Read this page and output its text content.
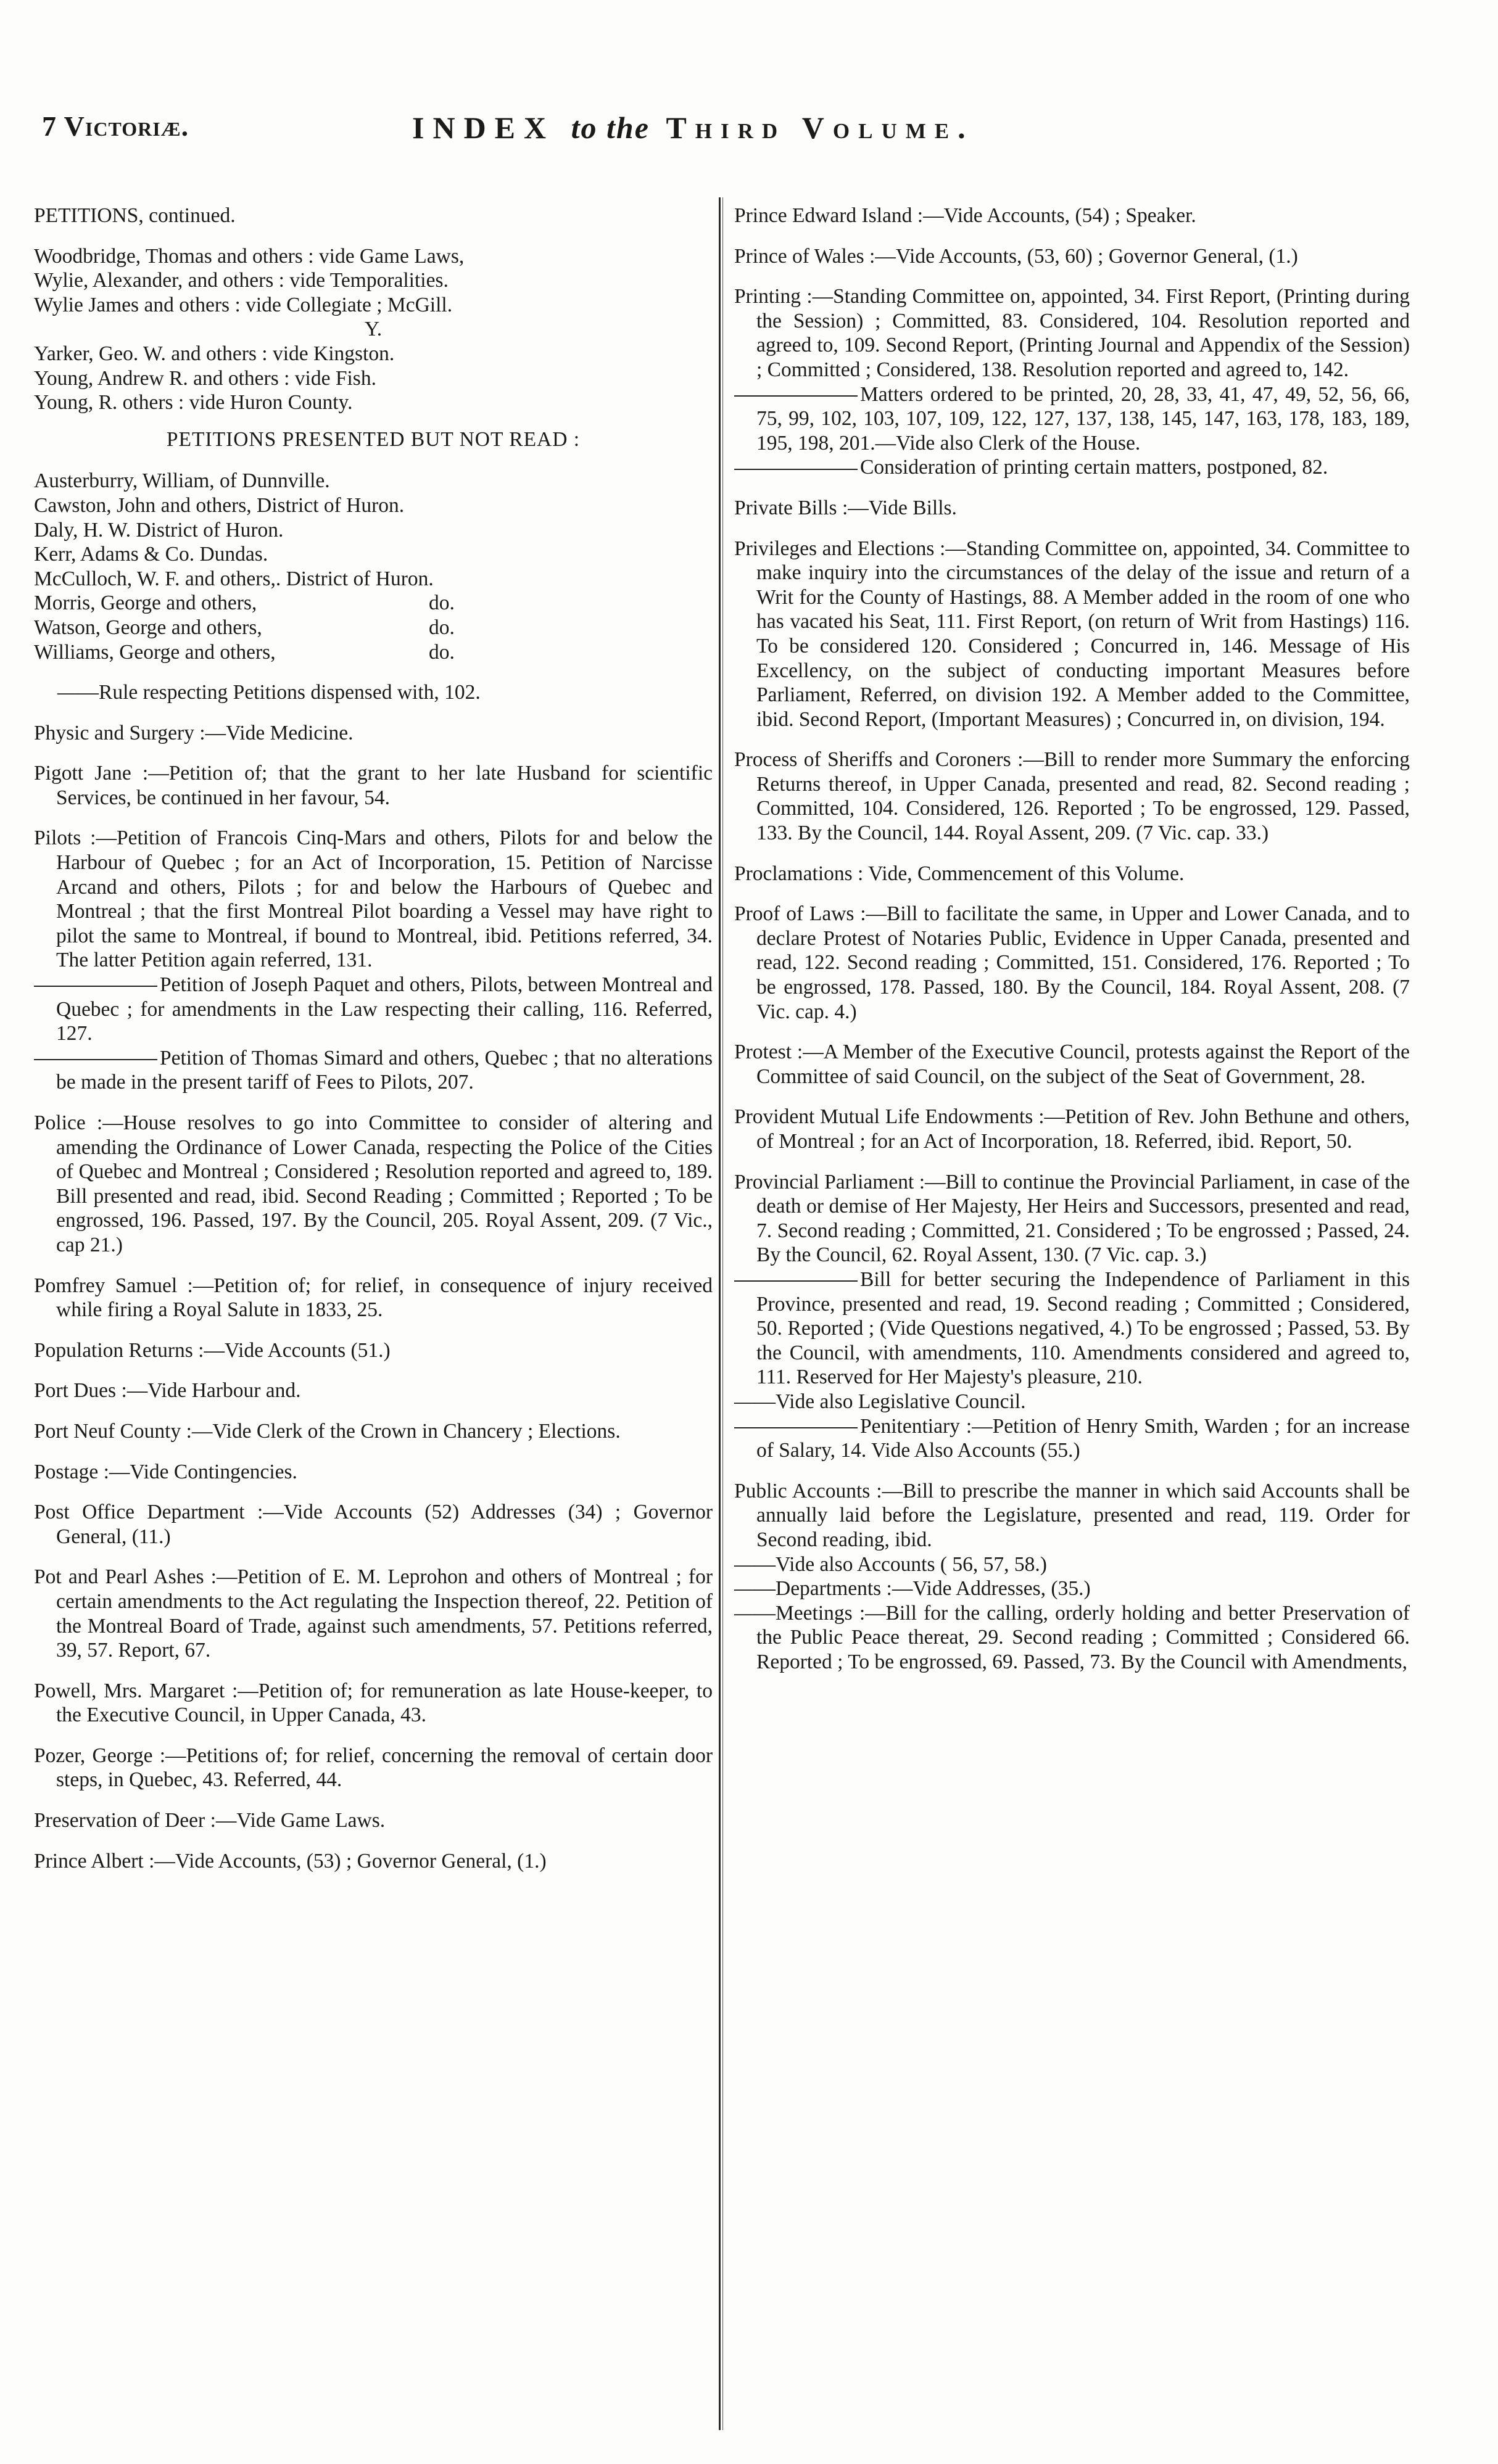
7 Victoriæ.	INDEX to the Third Volume.

PETITIONS, continued.

Woodbridge, Thomas and others : vide Game Laws,

Wylie, Alexander, and others : vide Temporalities.

Wylie James and others : vide Collegiate ; McGill.

Y.

Yarker, Geo. W. and others : vide Kingston.

Young, Andrew R. and others : vide Fish.

Young, R. others : vide Huron County.

PETITIONS PRESENTED BUT NOT READ :

Austerburry, William, of Dunnville.

Cawston, John and others, District of Huron.

Daly, H. W. District of Huron.

Kerr, Adams & Co. Dundas.

McCulloch, W. F. and others,. District of Huron.

Morris, George and others,	do.

Watson, George and others,	do.

Williams, George and others,	do.

——Rule respecting Petitions dispensed with, 102.

Physic and Surgery :—Vide Medicine.

Pigott Jane :—Petition of; that the grant to her late Husband for scientific Services, be continued in her favour, 54.

Pilots :—Petition of Francois Cinq-Mars and others, Pilots for and below the Harbour of Quebec ; for an Act of Incorporation, 15. Petition of Narcisse Arcand and others, Pilots ; for and below the Harbours of Quebec and Montreal ; that the first Montreal Pilot boarding a Vessel may have right to pilot the same to Montreal, if bound to Montreal, ibid. Petitions referred, 34. The latter Petition again referred, 131.

Petition of Joseph Paquet and others, Pilots, between Montreal and Quebec ; for amendments in the Law respecting their calling, 116. Referred, 127.

Petition of Thomas Simard and others, Quebec ; that no alterations be made in the present tariff of Fees to Pilots, 207.

Police :—House resolves to go into Committee to consider of altering and amending the Ordinance of Lower Canada, respecting the Police of the Cities of Quebec and Montreal ; Considered ; Resolution reported and agreed to, 189. Bill presented and read, ibid. Second Reading ; Committed ; Reported ; To be engrossed, 196. Passed, 197. By the Council, 205. Royal Assent, 209. (7 Vic., cap 21.)

Pomfrey Samuel :—Petition of; for relief, in consequence of injury received while firing a Royal Salute in 1833, 25.

Population Returns :—Vide Accounts (51.)

Port Dues :—Vide Harbour and.

Port Neuf County :—Vide Clerk of the Crown in Chancery ; Elections.

Postage :—Vide Contingencies.

Post Office Department :—Vide Accounts (52) Addresses (34) ; Governor General, (11.)

Pot and Pearl Ashes :—Petition of E. M. Leprohon and others of Montreal ; for certain amendments to the Act regulating the Inspection thereof, 22. Petition of the Montreal Board of Trade, against such amendments, 57. Petitions referred, 39, 57. Report, 67.

Powell, Mrs. Margaret :—Petition of; for remuneration as late House-keeper, to the Executive Council, in Upper Canada, 43.

Pozer, George :—Petitions of; for relief, concerning the removal of certain door steps, in Quebec, 43. Referred, 44.

Preservation of Deer :—Vide Game Laws.

Prince Albert :—Vide Accounts, (53) ; Governor General, (1.)

Prince Edward Island :—Vide Accounts, (54) ; Speaker.

Prince of Wales :—Vide Accounts, (53, 60) ; Governor General, (1.)

Printing :—Standing Committee on, appointed, 34. First Report, (Printing during the Session) ; Committed, 83. Considered, 104. Resolution reported and agreed to, 109. Second Report, (Printing Journal and Appendix of the Session) ; Committed ; Considered, 138. Resolution reported and agreed to, 142.

Matters ordered to be printed, 20, 28, 33, 41, 47, 49, 52, 56, 66, 75, 99, 102, 103, 107, 109, 122, 127, 137, 138, 145, 147, 163, 178, 183, 189, 195, 198, 201.—Vide also Clerk of the House.

Consideration of printing certain matters, postponed, 82.

Private Bills :—Vide Bills.

Privileges and Elections :—Standing Committee on, appointed, 34. Committee to make inquiry into the circumstances of the delay of the issue and return of a Writ for the County of Hastings, 88. A Member added in the room of one who has vacated his Seat, 111. First Report, (on return of Writ from Hastings) 116. To be considered 120. Considered ; Concurred in, 146. Message of His Excellency, on the subject of conducting important Measures before Parliament, Referred, on division 192. A Member added to the Committee, ibid. Second Report, (Important Measures) ; Concurred in, on division, 194.

Process of Sheriffs and Coroners :—Bill to render more Summary the enforcing Returns thereof, in Upper Canada, presented and read, 82. Second reading ; Committed, 104. Considered, 126. Reported ; To be engrossed, 129. Passed, 133. By the Council, 144. Royal Assent, 209. (7 Vic. cap. 33.)

Proclamations : Vide, Commencement of this Volume.

Proof of Laws :—Bill to facilitate the same, in Upper and Lower Canada, and to declare Protest of Notaries Public, Evidence in Upper Canada, presented and read, 122. Second reading ; Committed, 151. Considered, 176. Reported ; To be engrossed, 178. Passed, 180. By the Council, 184. Royal Assent, 208. (7 Vic. cap. 4.)

Protest :—A Member of the Executive Council, protests against the Report of the Committee of said Council, on the subject of the Seat of Government, 28.

Provident Mutual Life Endowments :—Petition of Rev. John Bethune and others, of Montreal ; for an Act of Incorporation, 18. Referred, ibid. Report, 50.

Provincial Parliament :—Bill to continue the Provincial Parliament, in case of the death or demise of Her Majesty, Her Heirs and Successors, presented and read, 7. Second reading ; Committed, 21. Considered ; To be engrossed ; Passed, 24. By the Council, 62. Royal Assent, 130. (7 Vic. cap. 3.)

Bill for better securing the Independence of Parliament in this Province, presented and read, 19. Second reading ; Committed ; Considered, 50. Reported ; (Vide Questions negatived, 4.) To be engrossed ; Passed, 53. By the Council, with amendments, 110. Amendments considered and agreed to, 111. Reserved for Her Majesty's pleasure, 210.

——Vide also Legislative Council.

Penitentiary :—Petition of Henry Smith, Warden ; for an increase of Salary, 14. Vide Also Accounts (55.)

Public Accounts :—Bill to prescribe the manner in which said Accounts shall be annually laid before the Legislature, presented and read, 119. Order for Second reading, ibid.

——Vide also Accounts ( 56, 57, 58.)

——Departments :—Vide Addresses, (35.)

——Meetings :—Bill for the calling, orderly holding and better Preservation of the Public Peace thereat, 29. Second reading ; Committed ; Considered 66. Reported ; To be engrossed, 69. Passed, 73. By the Council with Amendments,
